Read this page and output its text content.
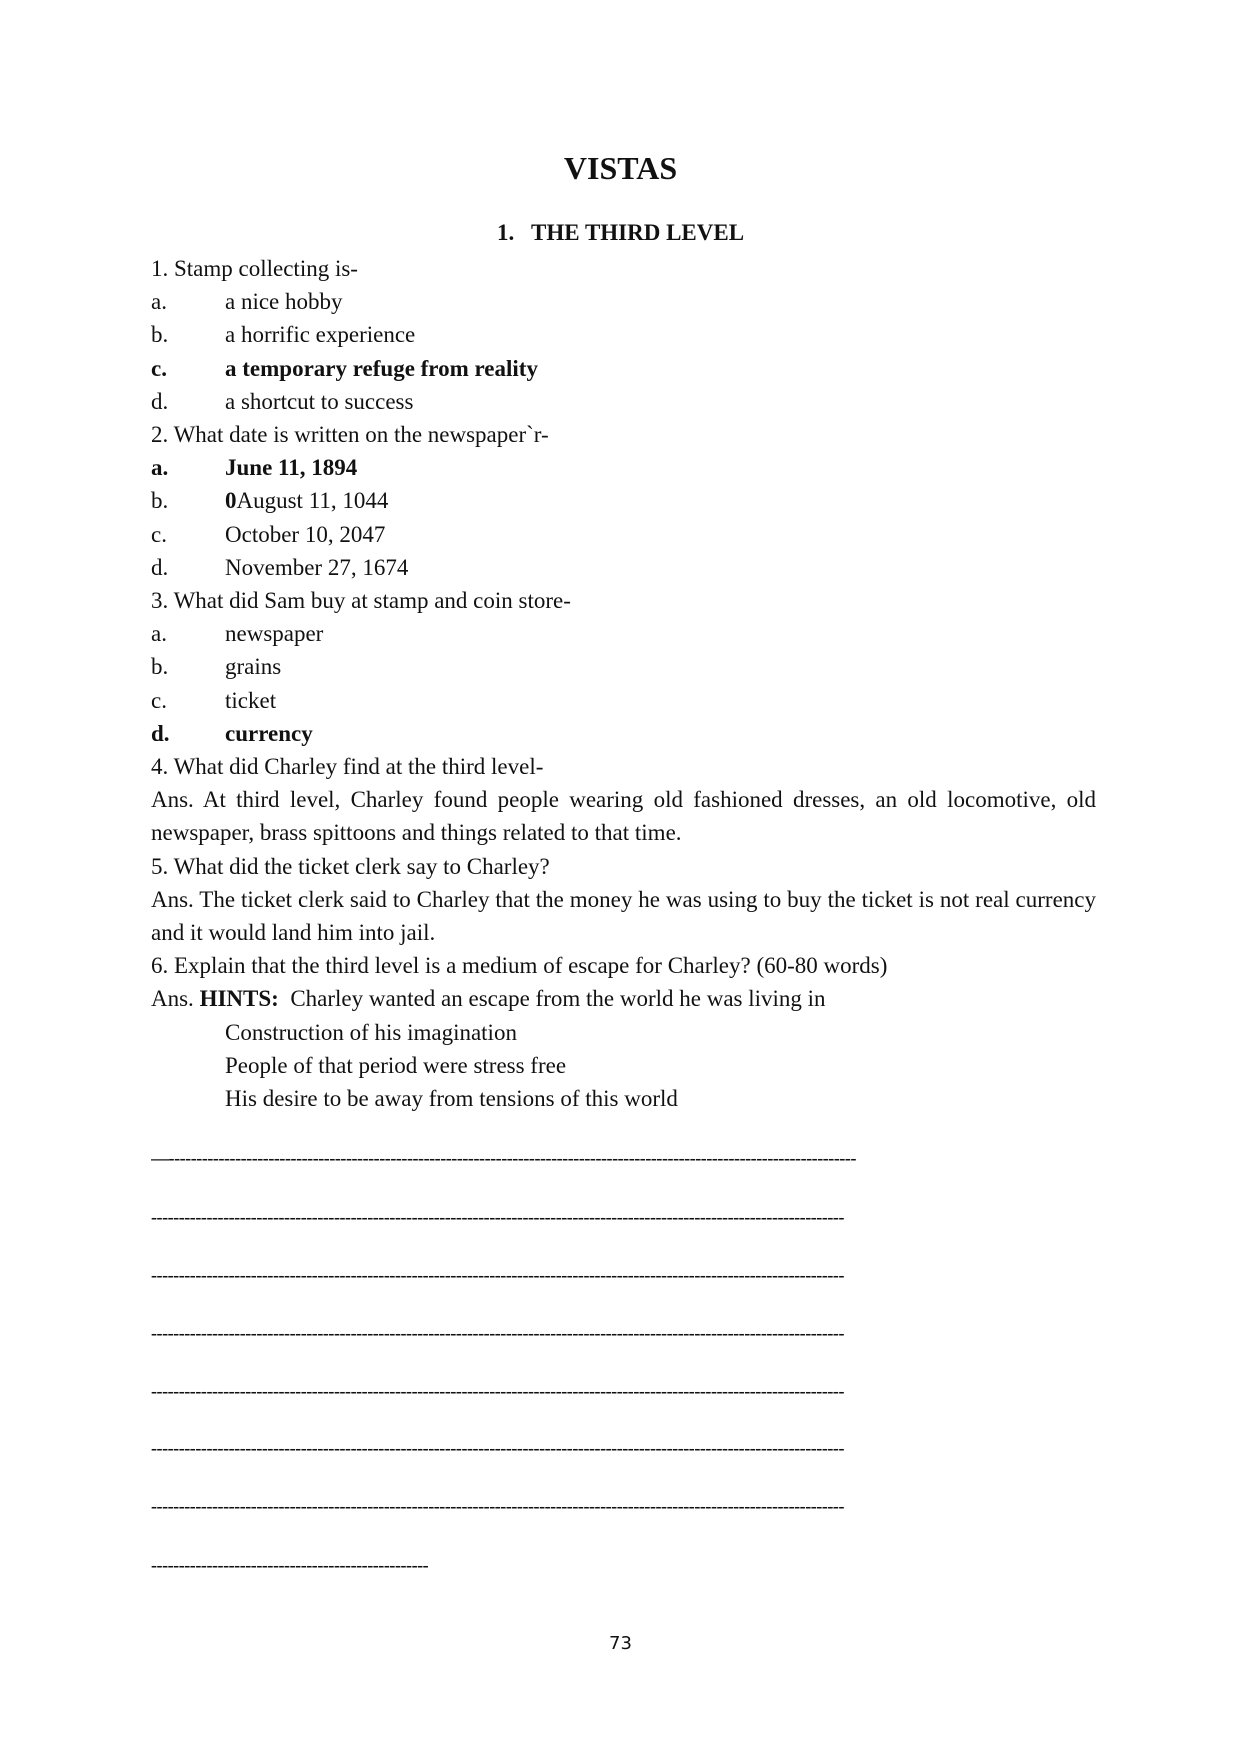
VISTAS
1. THE THIRD LEVEL
1. Stamp collecting is-
a.	a nice hobby
b.	a horrific experience
c.	a temporary refuge from reality
d.	a shortcut to success
2. What date is written on the newspaper`r-
a.	June 11, 1894
b.	0August 11, 1044
c.	October 10, 2047
d.	November 27, 1674
3. What did Sam buy at stamp and coin store-
a.	newspaper
b.	grains
c.	ticket
d.	currency
4. What did Charley find at the third level-
Ans. At third level, Charley found people wearing old fashioned dresses, an old locomotive, old newspaper, brass spittoons and things related to that time.
5. What did the ticket clerk say to Charley?
Ans. The ticket clerk said to Charley that the money he was using to buy the ticket is not real currency and it would land him into jail.
6. Explain that the third level is a medium of escape for Charley? (60-80 words)
Ans. HINTS: Charley wanted an escape from the world he was living in
Construction of his imagination
People of that period were stress free
His desire to be away from tensions of this world
—----------------------------------------------------------------------------------------------------------------------------
-----------------------------------------------------------------------------------------------------------------------------
-----------------------------------------------------------------------------------------------------------------------------
-----------------------------------------------------------------------------------------------------------------------------
-----------------------------------------------------------------------------------------------------------------------------
-----------------------------------------------------------------------------------------------------------------------------
-----------------------------------------------------------------------------------------------------------------------------
--------------------------------------------------
73
